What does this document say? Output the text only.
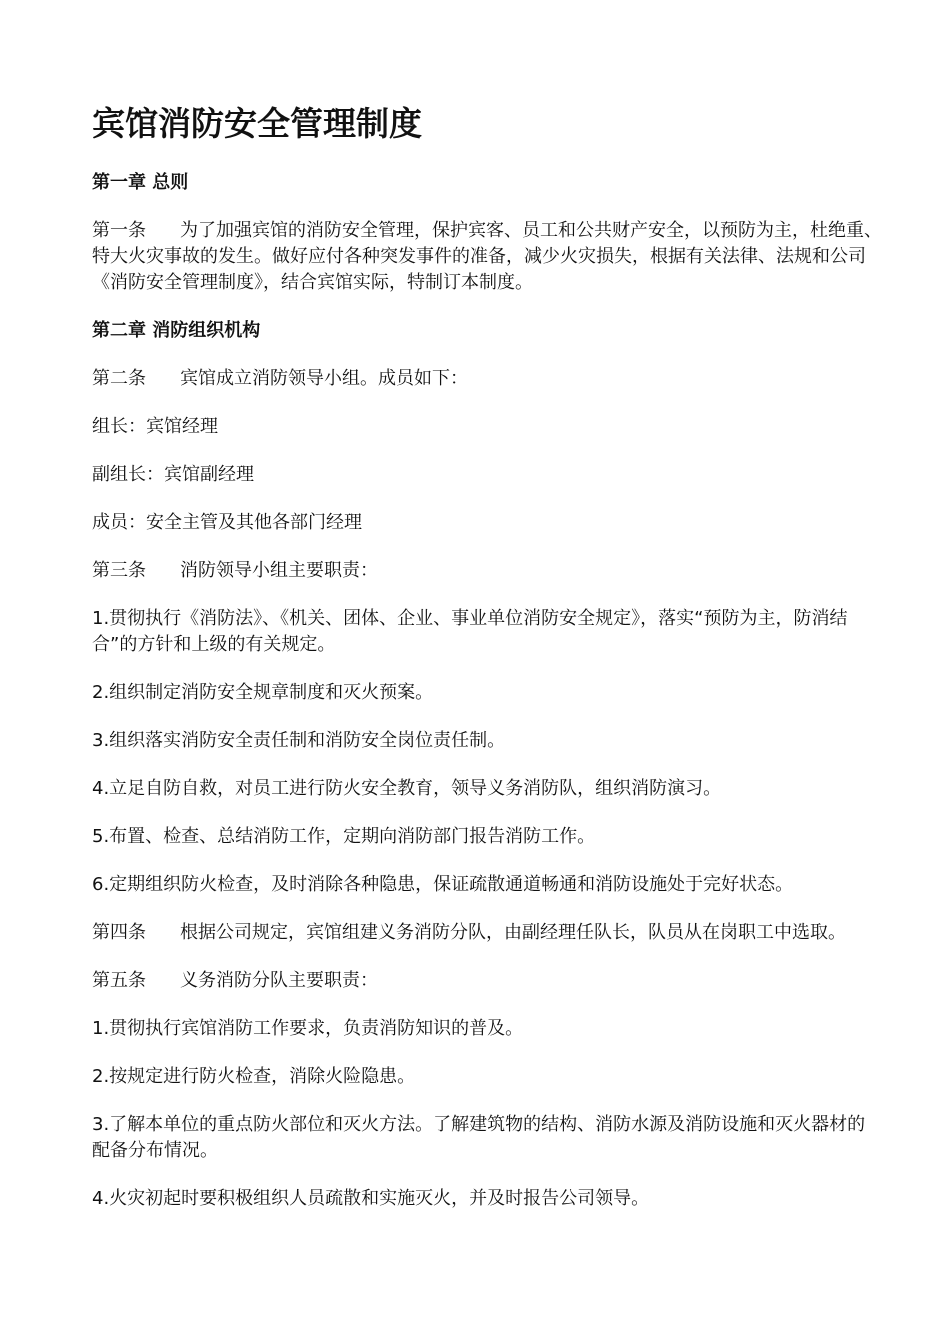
宾馆消防安全管理制度
第一章 总则

第一条 为了加强宾馆的消防安全管理，保护宾客、员工和公共财产安全，以预防为主，杜绝重、特大火灾事故的发生。做好应付各种突发事件的准备，减少火灾损失，根据有关法律、法规和公司《消防安全管理制度》，结合宾馆实际，特制订本制度。

第二章 消防组织机构

第二条 宾馆成立消防领导小组。成员如下：

组长：宾馆经理

副组长：宾馆副经理

成员：安全主管及其他各部门经理

第三条 消防领导小组主要职责：

1.贯彻执行《消防法》、《机关、团体、企业、事业单位消防安全规定》，落实“预防为主，防消结合”的方针和上级的有关规定。

2.组织制定消防安全规章制度和灭火预案。

3.组织落实消防安全责任制和消防安全岗位责任制。

4.立足自防自救，对员工进行防火安全教育，领导义务消防队，组织消防演习。

5.布置、检查、总结消防工作，定期向消防部门报告消防工作。

6.定期组织防火检查，及时消除各种隐患，保证疏散通道畅通和消防设施处于完好状态。

第四条 根据公司规定，宾馆组建义务消防分队，由副经理任队长，队员从在岗职工中选取。

第五条 义务消防分队主要职责：

1.贯彻执行宾馆消防工作要求，负责消防知识的普及。

2.按规定进行防火检查，消除火险隐患。

3.了解本单位的重点防火部位和灭火方法。了解建筑物的结构、消防水源及消防设施和灭火器材的配备分布情况。

4.火灾初起时要积极组织人员疏散和实施灭火，并及时报告公司领导。
